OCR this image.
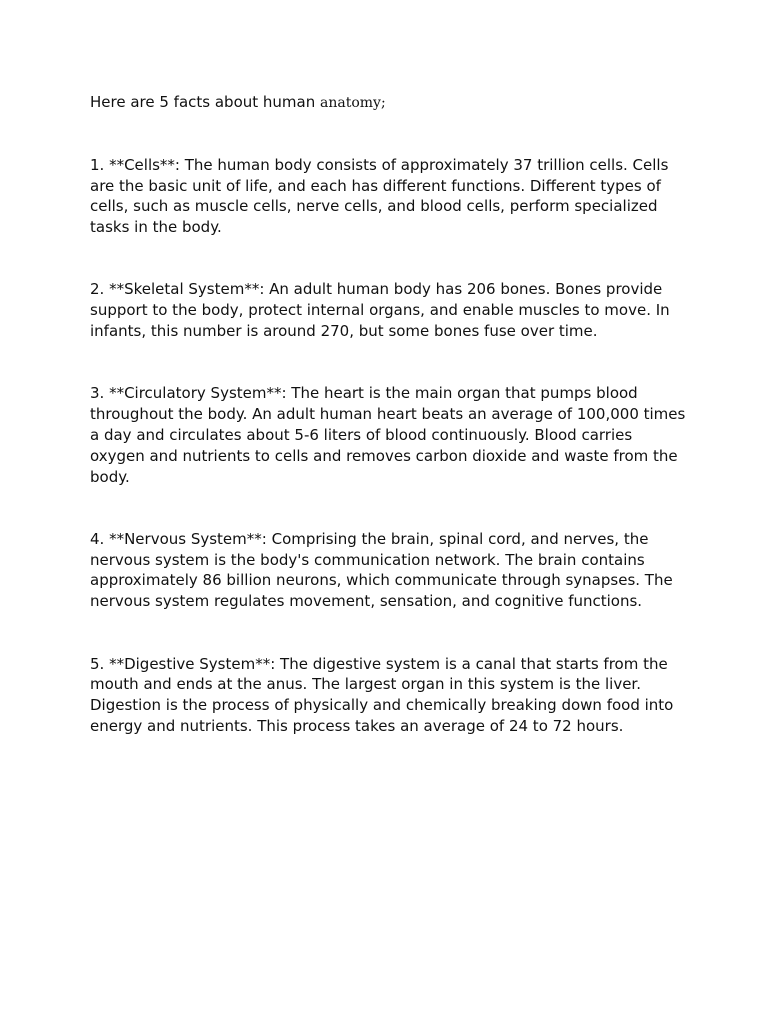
Here are 5 facts about human anatomy;

1. **Cells**: The human body consists of approximately 37 trillion cells. Cells are the basic unit of life, and each has different functions. Different types of cells, such as muscle cells, nerve cells, and blood cells, perform specialized tasks in the body.

2. **Skeletal System**: An adult human body has 206 bones. Bones provide support to the body, protect internal organs, and enable muscles to move. In infants, this number is around 270, but some bones fuse over time.

3. **Circulatory System**: The heart is the main organ that pumps blood throughout the body. An adult human heart beats an average of 100,000 times a day and circulates about 5-6 liters of blood continuously. Blood carries oxygen and nutrients to cells and removes carbon dioxide and waste from the body.

4. **Nervous System**: Comprising the brain, spinal cord, and nerves, the nervous system is the body's communication network. The brain contains approximately 86 billion neurons, which communicate through synapses. The nervous system regulates movement, sensation, and cognitive functions.

5. **Digestive System**: The digestive system is a canal that starts from the mouth and ends at the anus. The largest organ in this system is the liver. Digestion is the process of physically and chemically breaking down food into energy and nutrients. This process takes an average of 24 to 72 hours.
